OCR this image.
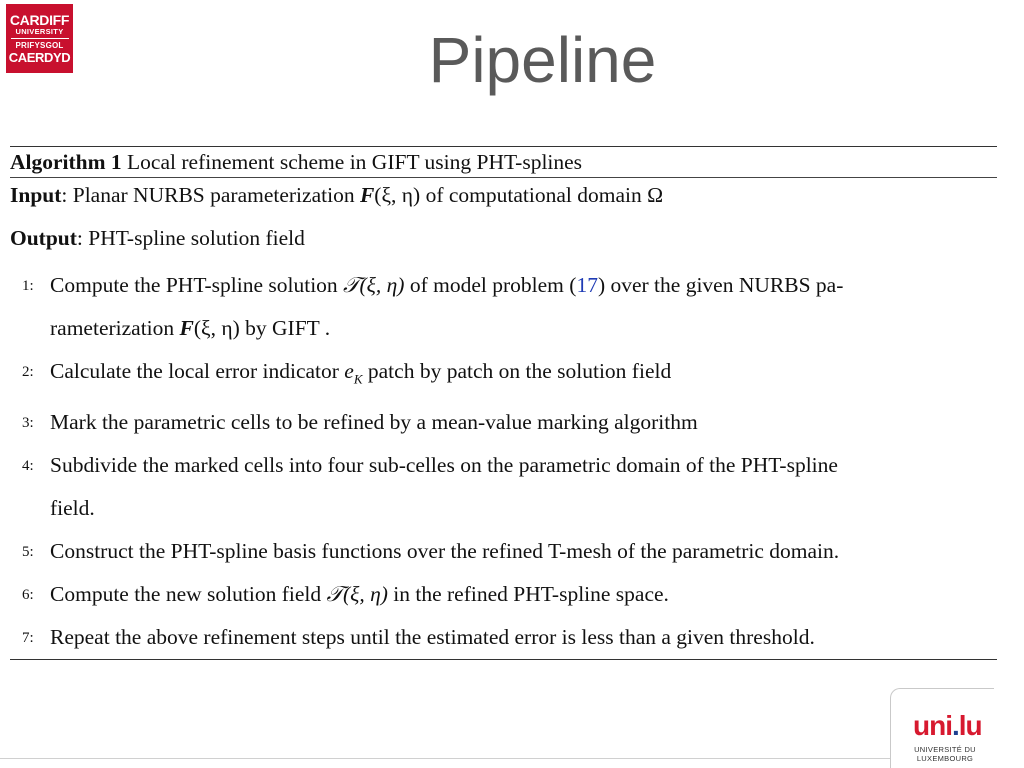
CARDIFF
UNIVERSITY
PRIFYSGOL
CAERDYD	Pipeline
Algorithm 1 Local refinement scheme in GIFT using PHT-splines
Input: Planar NURBS parameterization F(ξ, η) of computational domain Ω
Output: PHT-spline solution field
1: Compute the PHT-spline solution 𝒯(ξ, η) of model problem (17) over the given NURBS pa-
rameterization F(ξ, η) by GIFT .
2: Calculate the local error indicator $e_K$ patch by patch on the solution field
3: Mark the parametric cells to be refined by a mean-value marking algorithm
4: Subdivide the marked cells into four sub-celles on the parametric domain of the PHT-spline
field.
5: Construct the PHT-spline basis functions over the refined T-mesh of the parametric domain.
6: Compute the new solution field 𝒯(ξ, η) in the refined PHT-spline space.
7: Repeat the above refinement steps until the estimated error is less than a given threshold.
uni.lu
UNIVERSITÉ DU
LUXEMBOURG
